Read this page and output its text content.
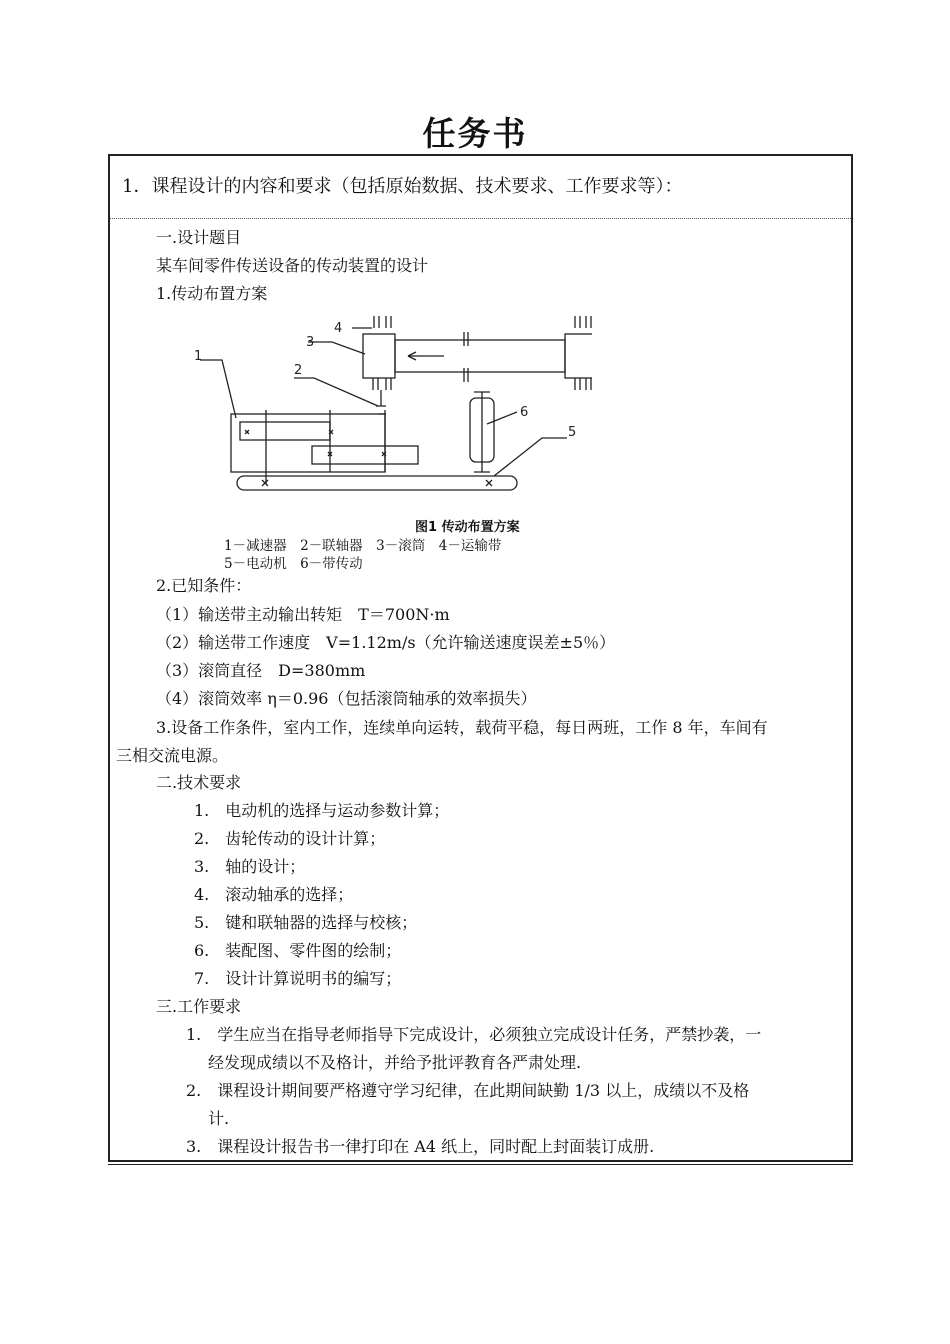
任务书
1．课程设计的内容和要求（包括原始数据、技术要求、工作要求等）：
一.设计题目
某车间零件传送设备的传动装置的设计
1.传动布置方案
1
2
3
4
5
6
图1 传动布置方案
1－减速器　2－联轴器　3－滚筒　4－运输带
5－电动机　6－带传动
2.已知条件：
（1）输送带主动输出转矩　T＝700N·m
（2）输送带工作速度　V=1.12m/s（允许输送速度误差±5％）
（3）滚筒直径　D=380mm
（4）滚筒效率 η＝0.96（包括滚筒轴承的效率损失）
3.设备工作条件，室内工作，连续单向运转，载荷平稳，每日两班，工作 8 年，车间有
三相交流电源。
二.技术要求
1.　电动机的选择与运动参数计算；
2.　齿轮传动的设计计算；
3.　轴的设计；
4.　滚动轴承的选择；
5.　键和联轴器的选择与校核；
6.　装配图、零件图的绘制；
7.　设计计算说明书的编写；
三.工作要求
1.　学生应当在指导老师指导下完成设计，必须独立完成设计任务，严禁抄袭，一
经发现成绩以不及格计，并给予批评教育各严肃处理.
2.　课程设计期间要严格遵守学习纪律，在此期间缺勤 1/3 以上，成绩以不及格
计.
3.　课程设计报告书一律打印在 A4 纸上，同时配上封面装订成册.
